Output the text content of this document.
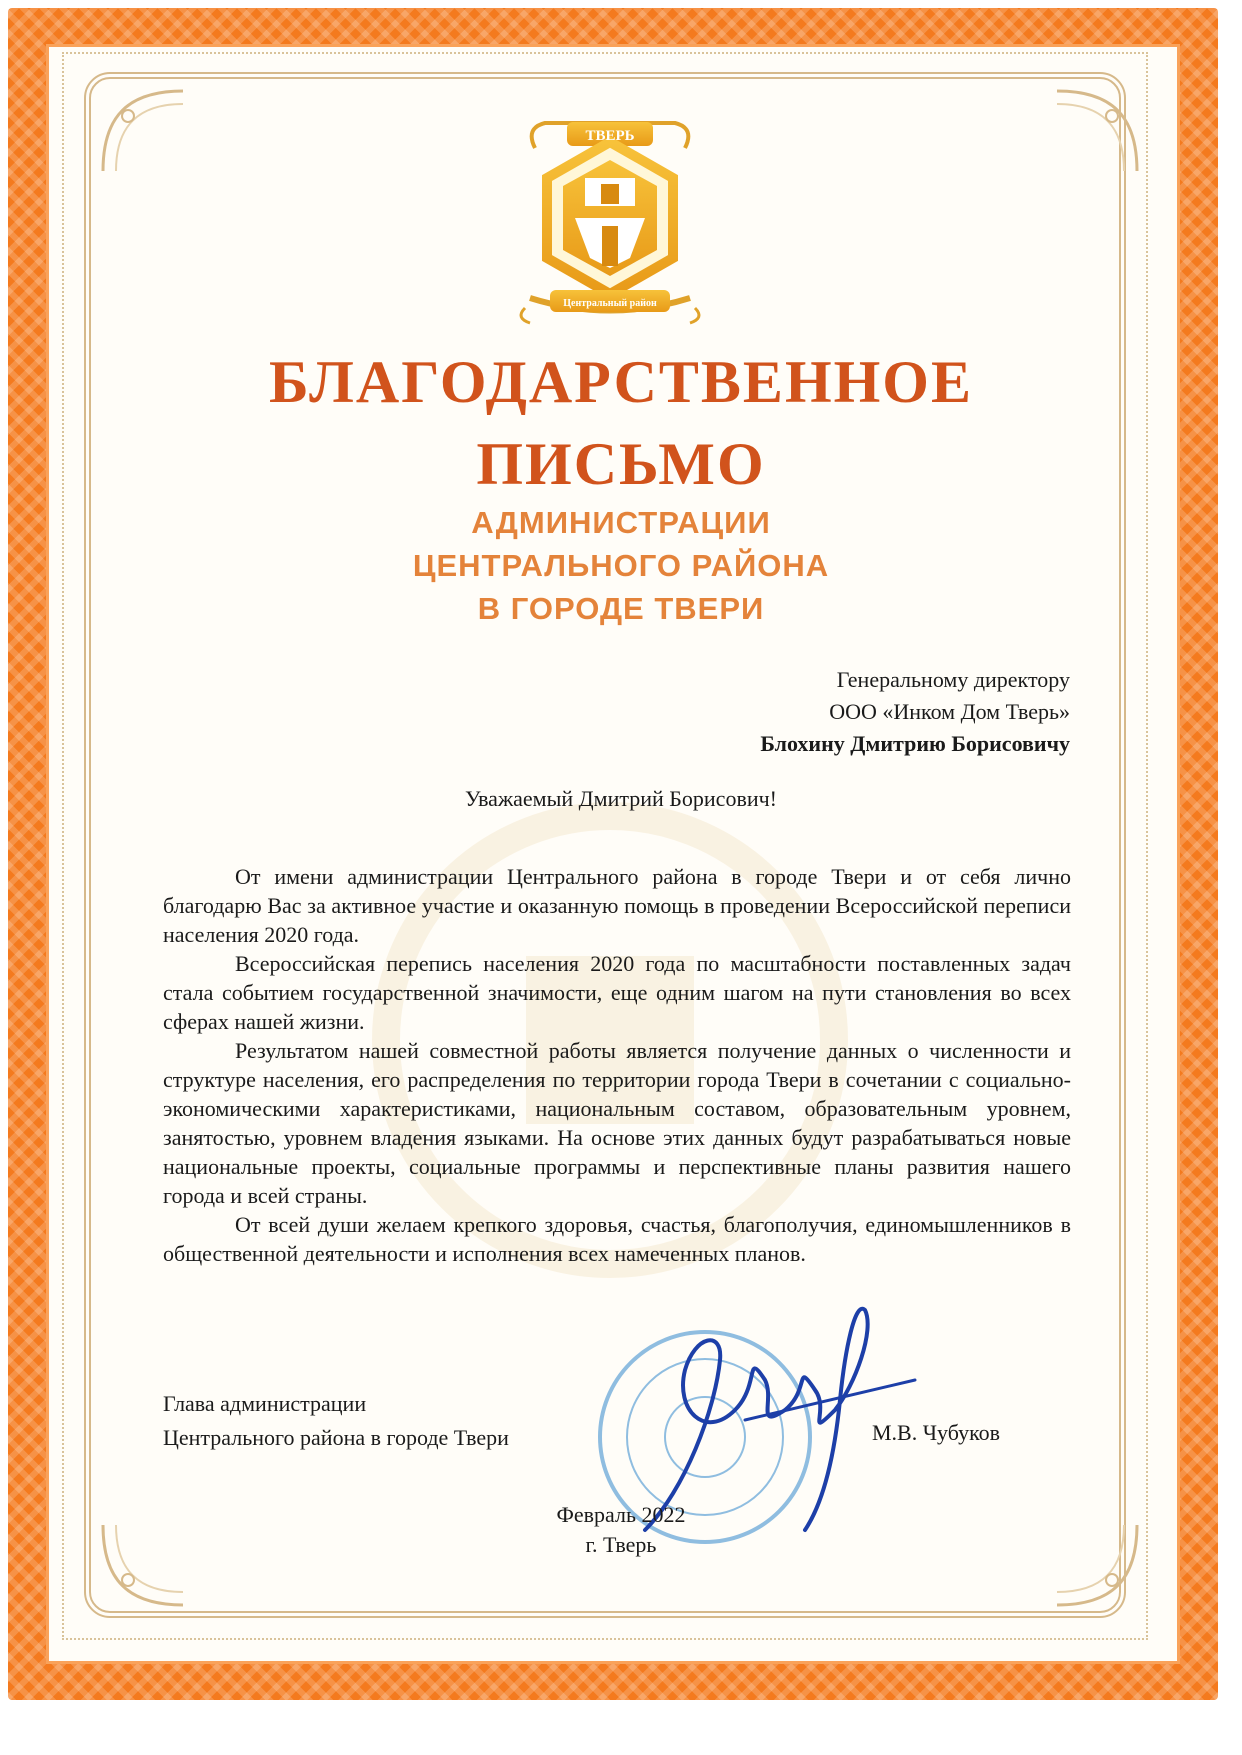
ТВЕРЬ
Центральный район
БЛАГОДАРСТВЕННОЕ
ПИСЬМО
АДМИНИСТРАЦИИ
ЦЕНТРАЛЬНОГО РАЙОНА
В ГОРОДЕ ТВЕРИ
Генеральному директору
ООО «Инком Дом Тверь»
Блохину Дмитрию Борисовичу
Уважаемый Дмитрий Борисович!

От имени администрации Центрального района в городе Твери и от себя лично благодарю Вас за активное участие и оказанную помощь в проведении Всероссийской переписи населения 2020 года.

Всероссийская перепись населения 2020 года по масштабности поставленных задач стала событием государственной значимости, еще одним шагом на пути становления во всех сферах нашей жизни.

Результатом нашей совместной работы является получение данных о численности и структуре населения, его распределения по территории города Твери в сочетании с социально-экономическими характеристиками, национальным составом, образовательным уровнем, занятостью, уровнем владения языками. На основе этих данных будут разрабатываться новые национальные проекты, социальные программы и перспективные планы развития нашего города и всей страны.

От всей души желаем крепкого здоровья, счастья, благополучия, единомышленников в общественной деятельности и исполнения всех намеченных планов.

Глава администрации
Центрального района в городе Твери	М.В. Чубуков
Февраль 2022
г. Тверь
